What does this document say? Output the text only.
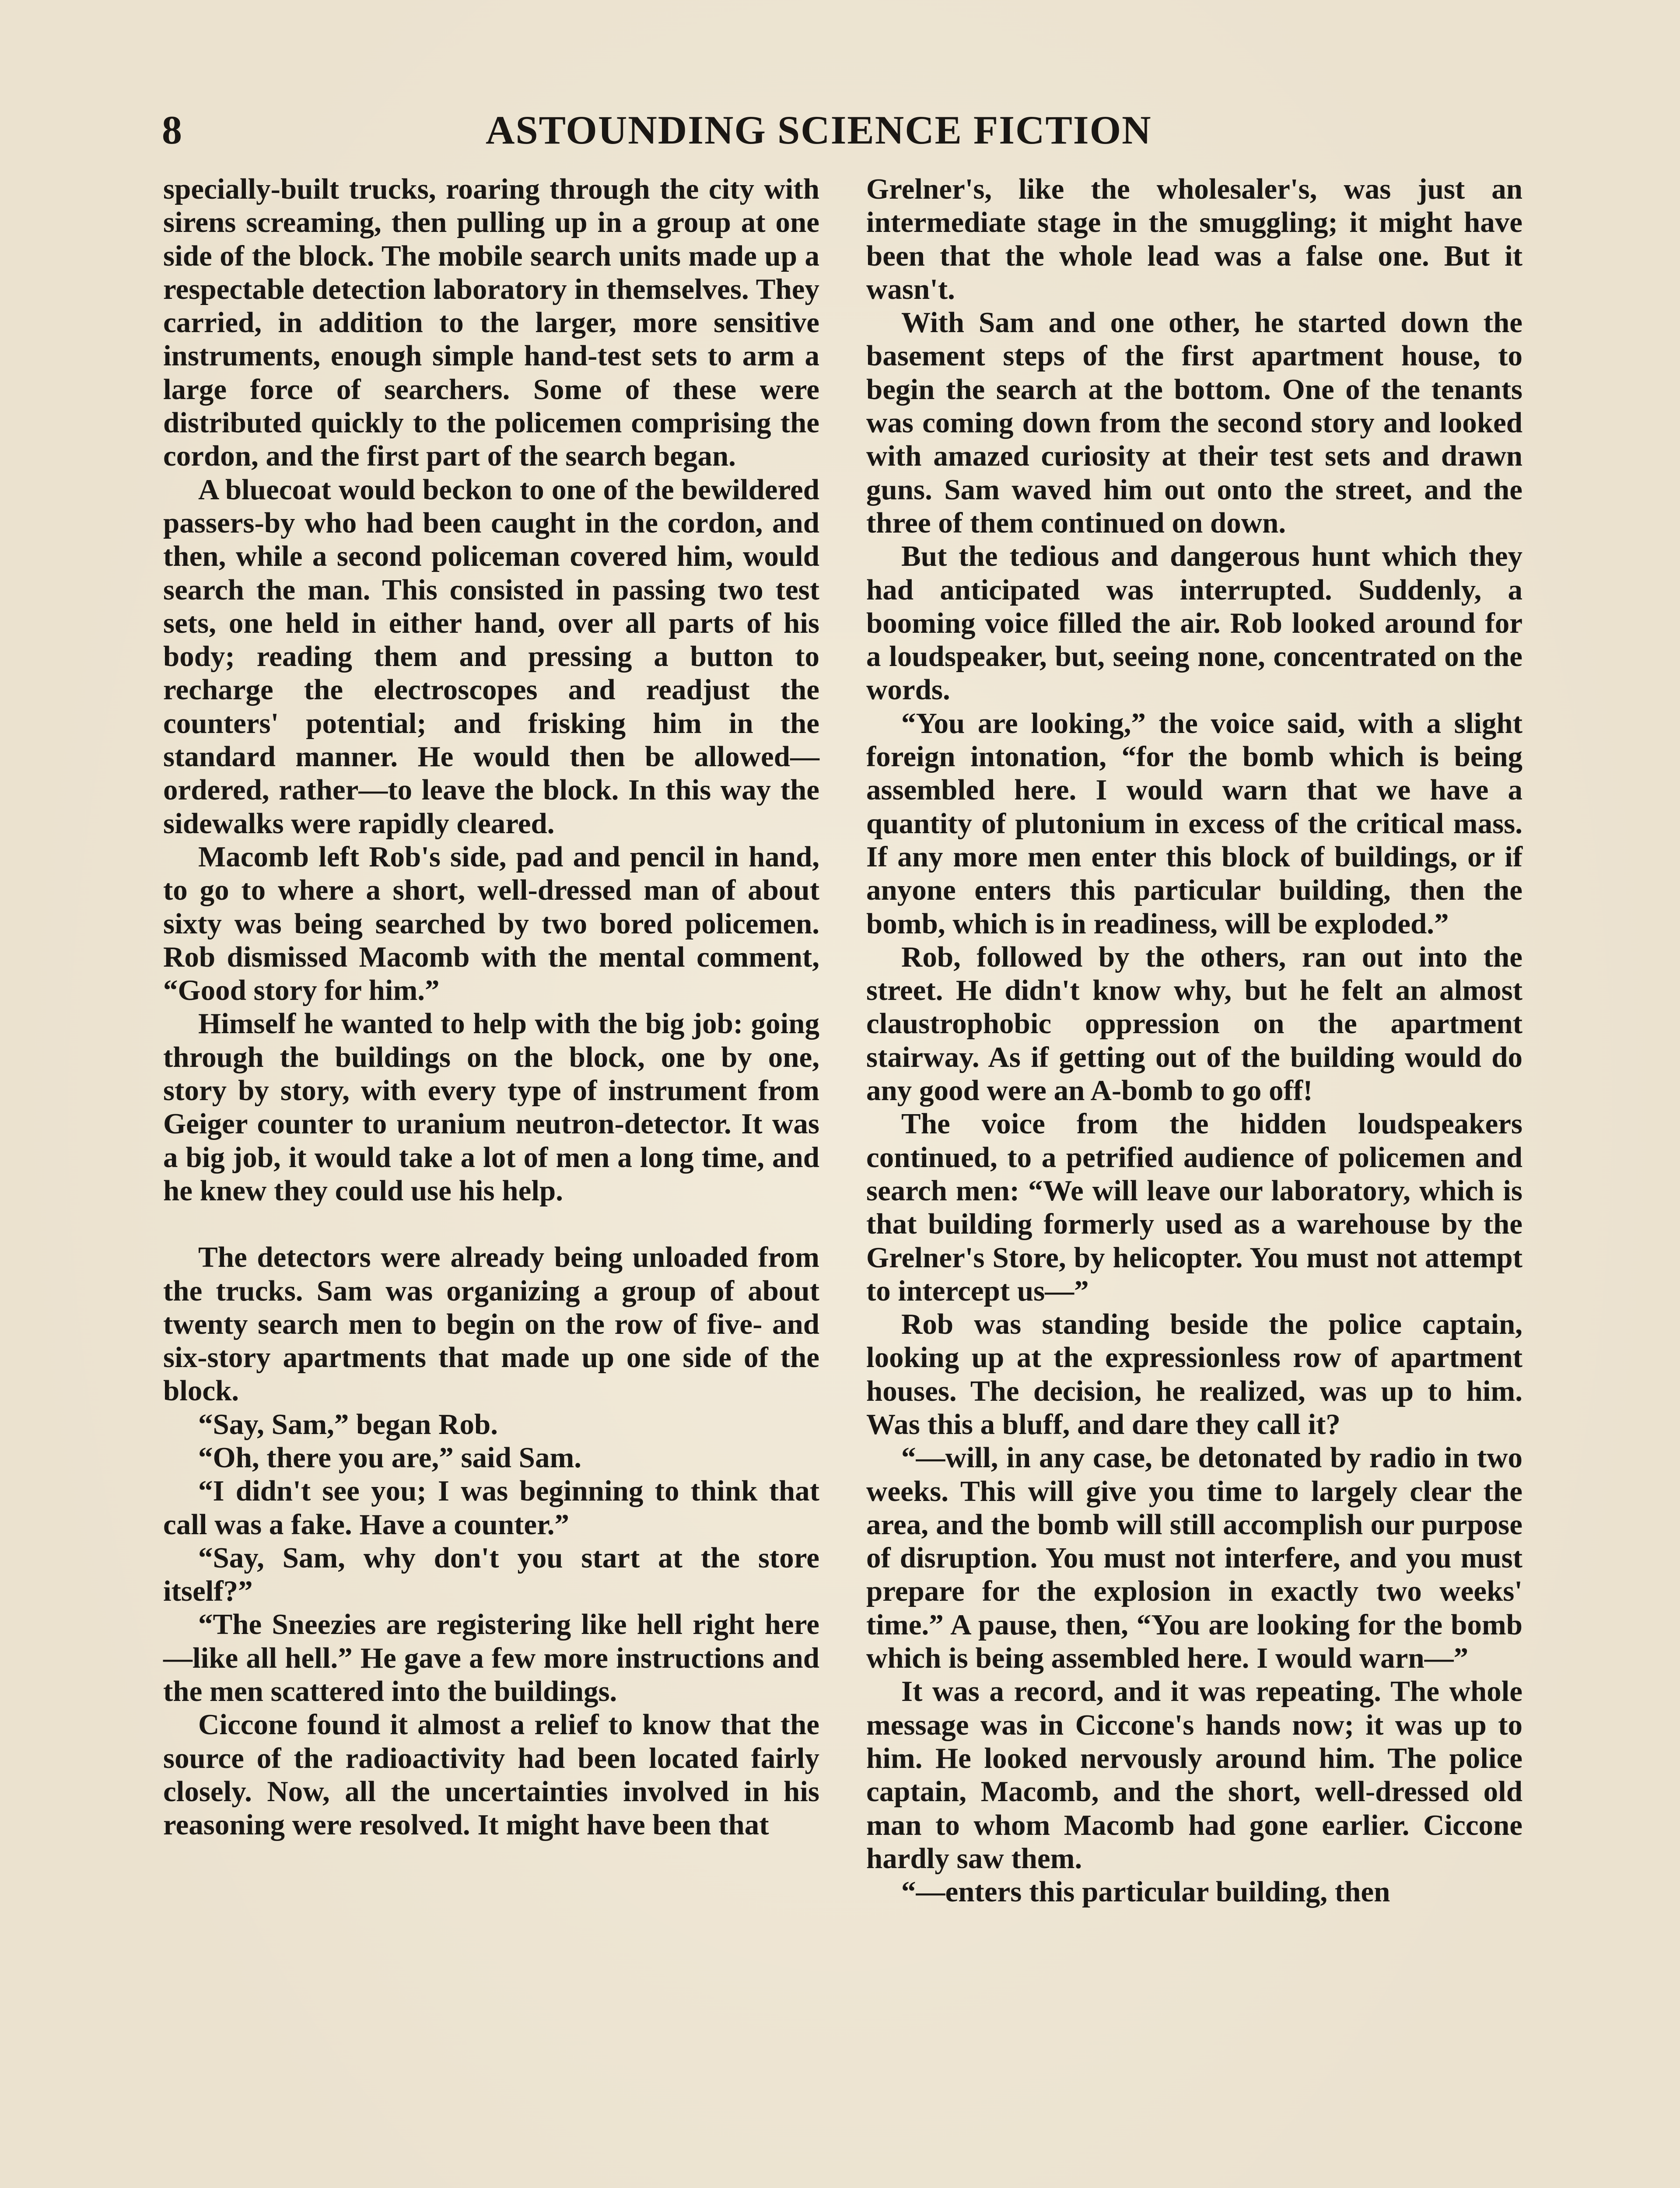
8	ASTOUNDING SCIENCE FICTION

specially-built trucks, roaring through the city with sirens screaming, then pulling up in a group at one side of the block. The mobile search units made up a respectable detection laboratory in themselves. They carried, in addition to the larger, more sensitive instruments, enough simple hand-test sets to arm a large force of searchers. Some of these were distributed quickly to the policemen comprising the cordon, and the first part of the search began.

A bluecoat would beckon to one of the bewildered passers-by who had been caught in the cordon, and then, while a second policeman covered him, would search the man. This consisted in passing two test sets, one held in either hand, over all parts of his body; reading them and pressing a button to recharge the electroscopes and readjust the counters' potential; and frisking him in the standard manner. He would then be allowed—ordered, rather—to leave the block. In this way the sidewalks were rapidly cleared.

Macomb left Rob's side, pad and pencil in hand, to go to where a short, well-dressed man of about sixty was being searched by two bored policemen. Rob dismissed Macomb with the mental comment, “Good story for him.”

Himself he wanted to help with the big job: going through the buildings on the block, one by one, story by story, with every type of instrument from Geiger counter to uranium neutron-detector. It was a big job, it would take a lot of men a long time, and he knew they could use his help.

The detectors were already being unloaded from the trucks. Sam was organizing a group of about twenty search men to begin on the row of five- and six-story apartments that made up one side of the block.

“Say, Sam,” began Rob.

“Oh, there you are,” said Sam.

“I didn't see you; I was beginning to think that call was a fake. Have a counter.”

“Say, Sam, why don't you start at the store itself?”

“The Sneezies are registering like hell right here—like all hell.” He gave a few more instructions and the men scattered into the buildings.

Ciccone found it almost a relief to know that the source of the radioactivity had been located fairly closely. Now, all the uncertainties involved in his reasoning were resolved. It might have been that

Grelner's, like the wholesaler's, was just an intermediate stage in the smuggling; it might have been that the whole lead was a false one. But it wasn't.

With Sam and one other, he started down the basement steps of the first apartment house, to begin the search at the bottom. One of the tenants was coming down from the second story and looked with amazed curiosity at their test sets and drawn guns. Sam waved him out onto the street, and the three of them continued on down.

But the tedious and dangerous hunt which they had anticipated was interrupted. Suddenly, a booming voice filled the air. Rob looked around for a loudspeaker, but, seeing none, concentrated on the words.

“You are looking,” the voice said, with a slight foreign intonation, “for the bomb which is being assembled here. I would warn that we have a quantity of plutonium in excess of the critical mass. If any more men enter this block of buildings, or if anyone enters this particular building, then the bomb, which is in readiness, will be exploded.”

Rob, followed by the others, ran out into the street. He didn't know why, but he felt an almost claustrophobic oppression on the apartment stairway. As if getting out of the building would do any good were an A-bomb to go off!

The voice from the hidden loudspeakers continued, to a petrified audience of policemen and search men: “We will leave our laboratory, which is that building formerly used as a warehouse by the Grelner's Store, by helicopter. You must not attempt to intercept us—”

Rob was standing beside the police captain, looking up at the expressionless row of apartment houses. The decision, he realized, was up to him. Was this a bluff, and dare they call it?

“—will, in any case, be detonated by radio in two weeks. This will give you time to largely clear the area, and the bomb will still accomplish our purpose of disruption. You must not interfere, and you must prepare for the explosion in exactly two weeks' time.” A pause, then, “You are looking for the bomb which is being assembled here. I would warn—”

It was a record, and it was repeating. The whole message was in Ciccone's hands now; it was up to him. He looked nervously around him. The police captain, Macomb, and the short, well-dressed old man to whom Macomb had gone earlier. Ciccone hardly saw them.

“—enters this particular building, then
